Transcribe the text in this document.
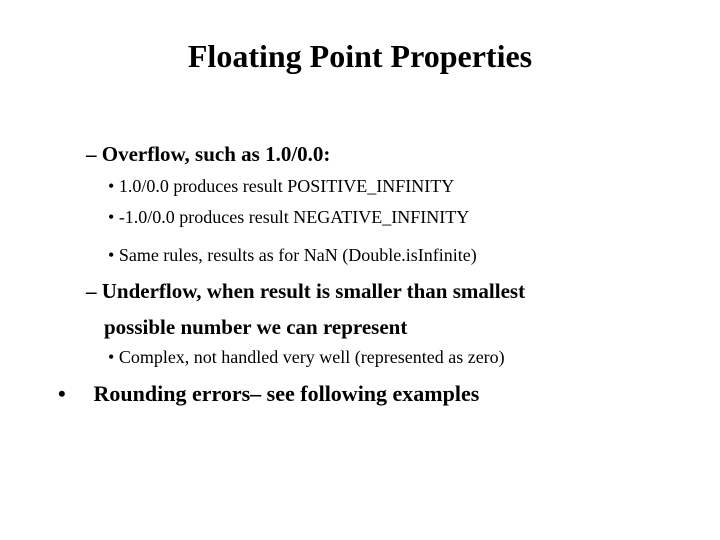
Floating Point Properties
– Overflow, such as 1.0/0.0:
• 1.0/0.0 produces result POSITIVE_INFINITY
• -1.0/0.0 produces result NEGATIVE_INFINITY
• Same rules, results as for NaN (Double.isInfinite)
– Underflow, when result is smaller than smallest
possible number we can represent
• Complex, not handled very well (represented as zero)
• Rounding errors– see following examples
